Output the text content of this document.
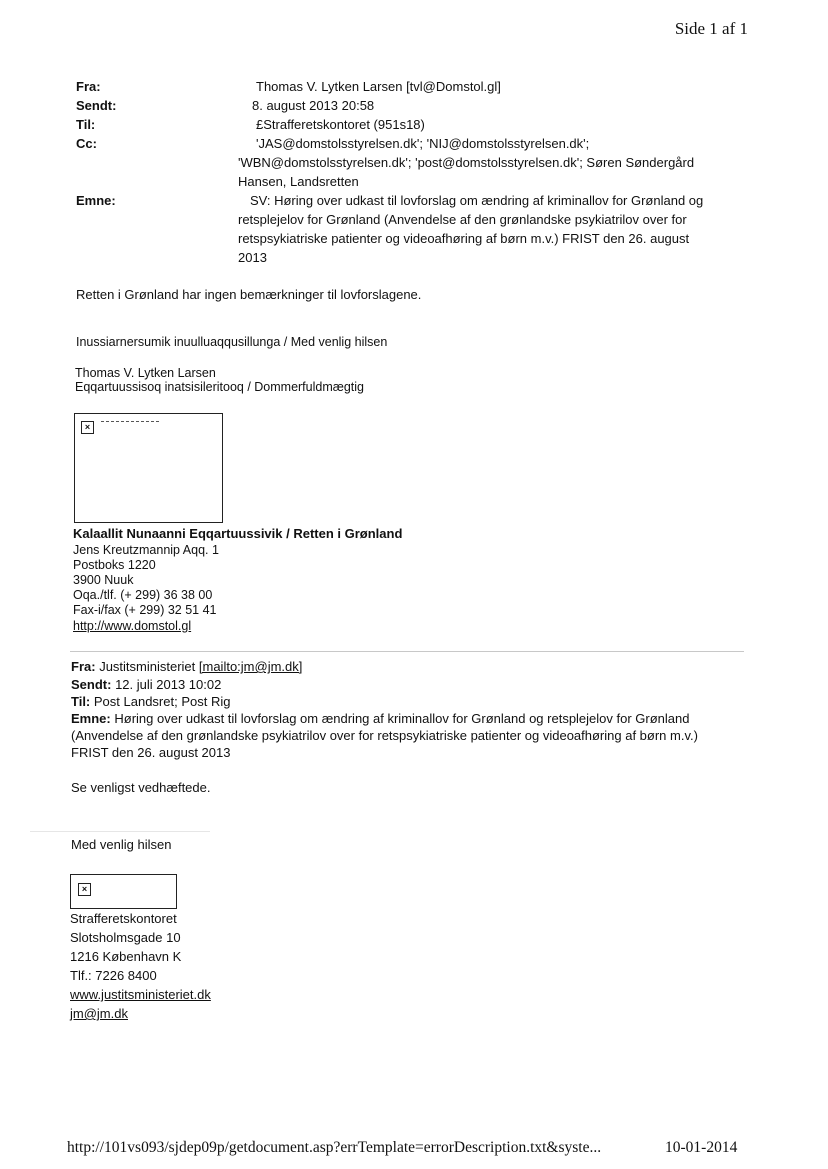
Side 1 af 1
Fra:	Thomas V. Lytken Larsen [tvl@Domstol.gl]
Sendt:	8. august 2013 20:58
Til:	£Strafferetskontoret (951s18)
Cc:	'JAS@domstolsstyrelsen.dk'; 'NIJ@domstolsstyrelsen.dk';
'WBN@domstolsstyrelsen.dk'; 'post@domstolsstyrelsen.dk'; Søren Søndergård
Hansen, Landsretten
Emne:	SV: Høring over udkast til lovforslag om ændring af kriminallov for Grønland og
retsplejelov for Grønland (Anvendelse af den grønlandske psykiatrilov over for
retspsykiatriske patienter og videoafhøring af børn m.v.) FRIST den 26. august
2013
Retten i Grønland har ingen bemærkninger til lovforslagene.
Inussiarnersumik inuulluaqqusillunga / Med venlig hilsen
Thomas V. Lytken Larsen
Eqqartuussisoq inatsisileritooq / Dommerfuldmægtig
×
Kalaallit Nunaanni Eqqartuussivik / Retten i Grønland
Jens Kreutzmannip Aqq. 1
Postboks 1220
3900 Nuuk
Oqa./tlf. (+ 299) 36 38 00
Fax-i/fax (+ 299) 32 51 41
http://www.domstol.gl
Fra: Justitsministeriet [mailto:jm@jm.dk]
Sendt: 12. juli 2013 10:02
Til: Post Landsret; Post Rig
Emne: Høring over udkast til lovforslag om ændring af kriminallov for Grønland og retsplejelov for Grønland
(Anvendelse af den grønlandske psykiatrilov over for retspsykiatriske patienter og videoafhøring af børn m.v.)
FRIST den 26. august 2013
Se venligst vedhæftede.
Med venlig hilsen
×
Strafferetskontoret
Slotsholmsgade 10
1216 København K
Tlf.: 7226 8400
www.justitsministeriet.dk
jm@jm.dk
http://101vs093/sjdep09p/getdocument.asp?errTemplate=errorDescription.txt&syste...	10-01-2014
